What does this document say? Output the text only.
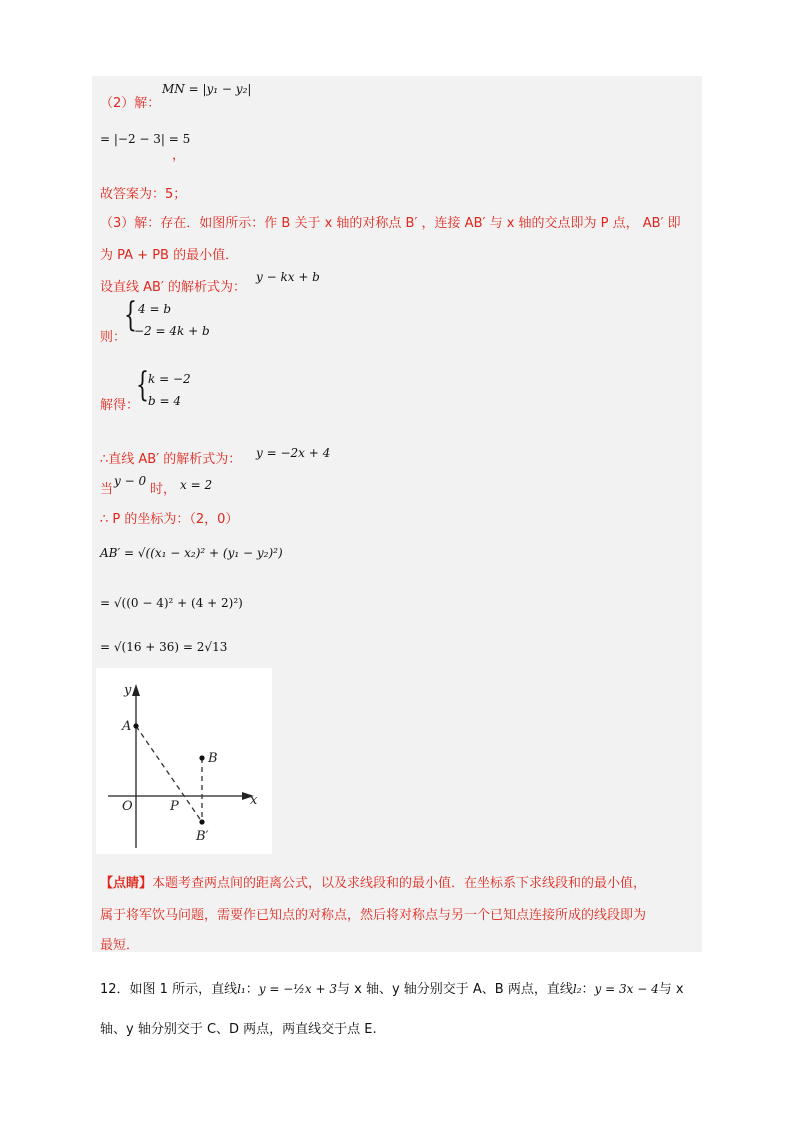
（2）解：
MN = |y₁ − y₂|
= |−2 − 3| = 5
，
故答案为：5；
（3）解：存在．如图所示：作 B 关于 x 轴的对称点 B′ ，连接 AB′ 与 x 轴的交点即为 P 点， AB′ 即
为 PA + PB 的最小值．
设直线 AB′ 的解析式为：
y − kx + b
则：
{ 4 = b
−2 = 4k + b
解得：
{ k = −2
b = 4
∴直线 AB′ 的解析式为： y = −2x + 4
当
y − 0
时， x = 2
∴ P 的坐标为：（2，0）
AB′ = √((x₁ − x₂)² + (y₁ − y₂)²)
= √((0 − 4)² + (4 + 2)²)
= √(16 + 36) = 2√13
y
x
O
A
B
P
B′
【点睛】本题考查两点间的距离公式，以及求线段和的最小值．在坐标系下求线段和的最小值，
属于将军饮马问题，需要作已知点的对称点，然后将对称点与另一个已知点连接所成的线段即为
最短．
12．如图 1 所示，直线l₁：y = −½x + 3与 x 轴、y 轴分别交于 A、B 两点，直线l₂：y = 3x − 4与 x
轴、y 轴分别交于 C、D 两点，两直线交于点 E.
